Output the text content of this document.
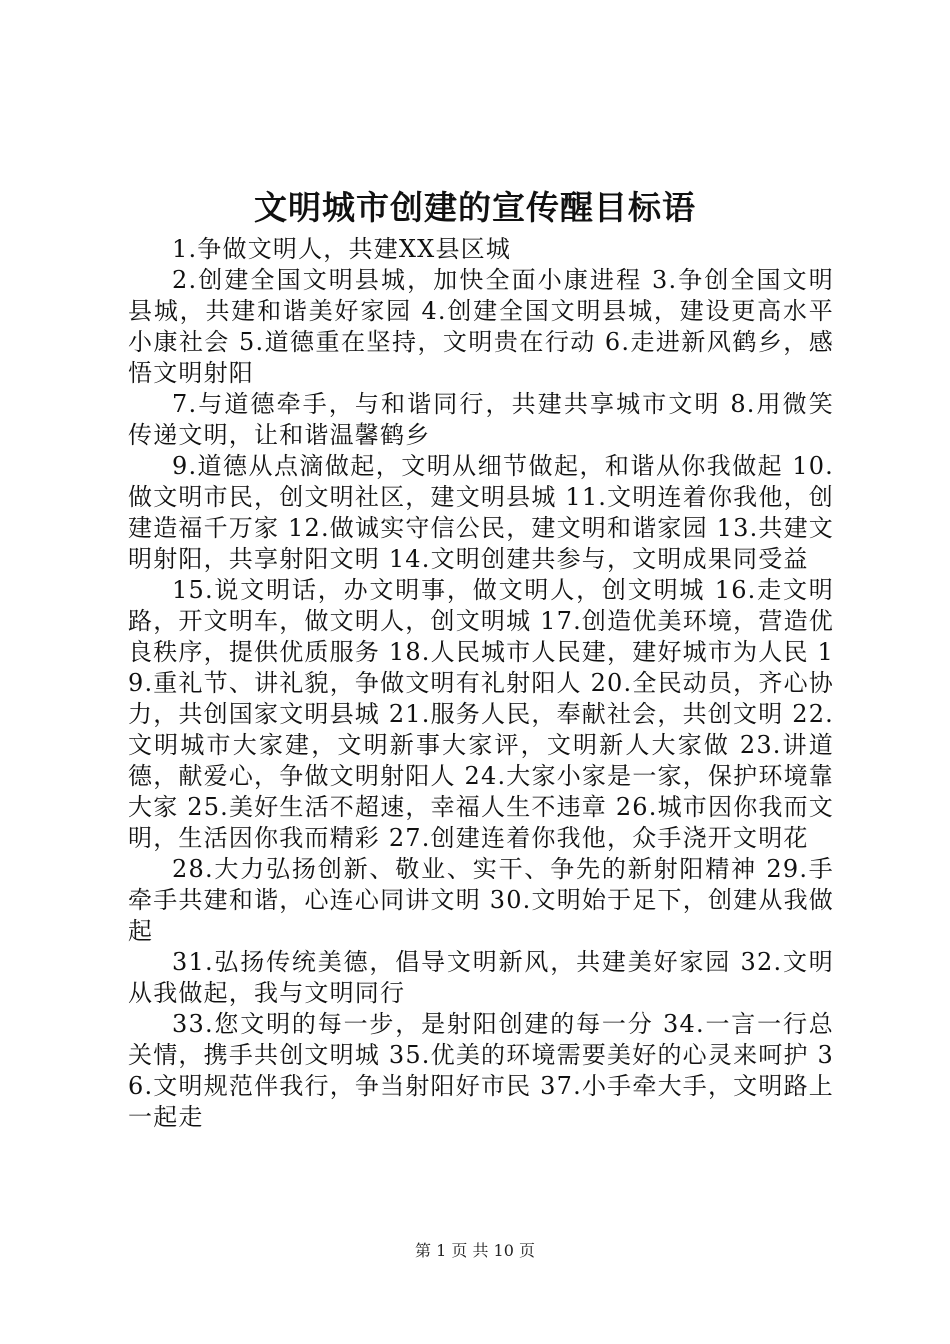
文明城市创建的宣传醒目标语

1.争做文明人，共建XX县区城

2.创建全国文明县城，加快全面小康进程 3.争创全国文明县城，共建和谐美好家园 4.创建全国文明县城，建设更高水平小康社会 5.道德重在坚持，文明贵在行动 6.走进新风鹤乡，感悟文明射阳

7.与道德牵手，与和谐同行，共建共享城市文明 8.用微笑传递文明，让和谐温馨鹤乡

9.道德从点滴做起，文明从细节做起，和谐从你我做起 10.做文明市民，创文明社区，建文明县城 11.文明连着你我他，创建造福千万家 12.做诚实守信公民，建文明和谐家园 13.共建文明射阳，共享射阳文明 14.文明创建共参与，文明成果同受益

15.说文明话，办文明事，做文明人，创文明城 16.走文明路，开文明车，做文明人，创文明城 17.创造优美环境，营造优良秩序，提供优质服务 18.人民城市人民建，建好城市为人民 19.重礼节、讲礼貌，争做文明有礼射阳人 20.全民动员，齐心协力，共创国家文明县城 21.服务人民，奉献社会，共创文明 22.文明城市大家建，文明新事大家评，文明新人大家做 23.讲道德，献爱心，争做文明射阳人 24.大家小家是一家，保护环境靠大家 25.美好生活不超速，幸福人生不违章 26.城市因你我而文明，生活因你我而精彩 27.创建连着你我他，众手浇开文明花

28.大力弘扬创新、敬业、实干、争先的新射阳精神 29.手牵手共建和谐，心连心同讲文明 30.文明始于足下，创建从我做起

31.弘扬传统美德，倡导文明新风，共建美好家园 32.文明从我做起，我与文明同行

33.您文明的每一步，是射阳创建的每一分 34.一言一行总关情，携手共创文明城 35.优美的环境需要美好的心灵来呵护 36.文明规范伴我行，争当射阳好市民 37.小手牵大手，文明路上一起走

第 1 页 共 10 页
